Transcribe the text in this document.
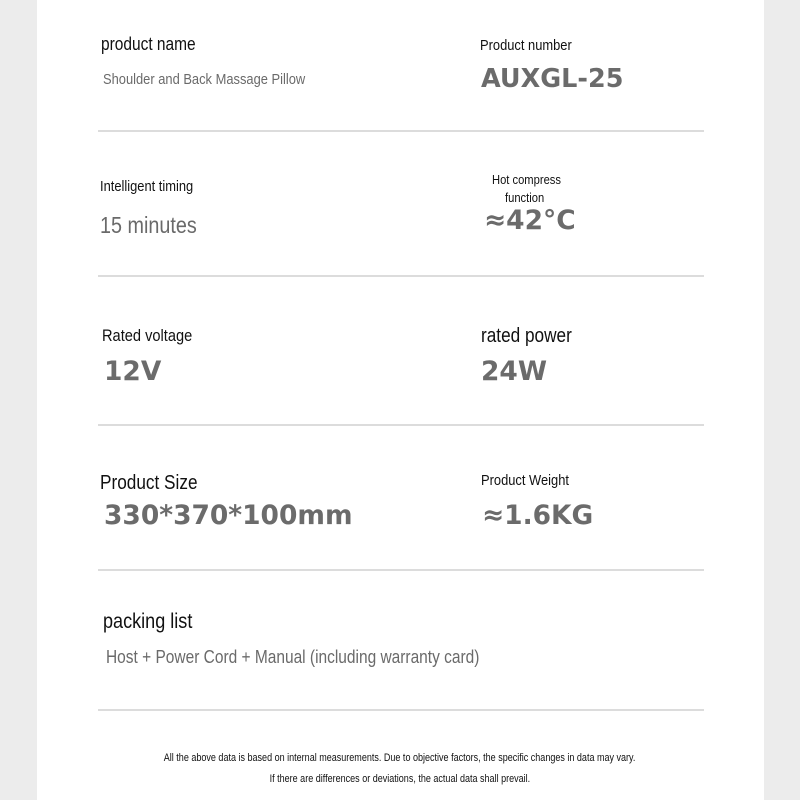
product name

Shoulder and Back Massage Pillow

Product number

AUXGL-25

Intelligent timing

15 minutes

Hot compress

function

≈42°C

Rated voltage

12V

rated power

24W

Product Size

330*370*100mm

Product Weight

≈1.6KG

packing list

Host + Power Cord + Manual (including warranty card)

All the above data is based on internal measurements. Due to objective factors, the specific changes in data may vary.
If there are differences or deviations, the actual data shall prevail.
